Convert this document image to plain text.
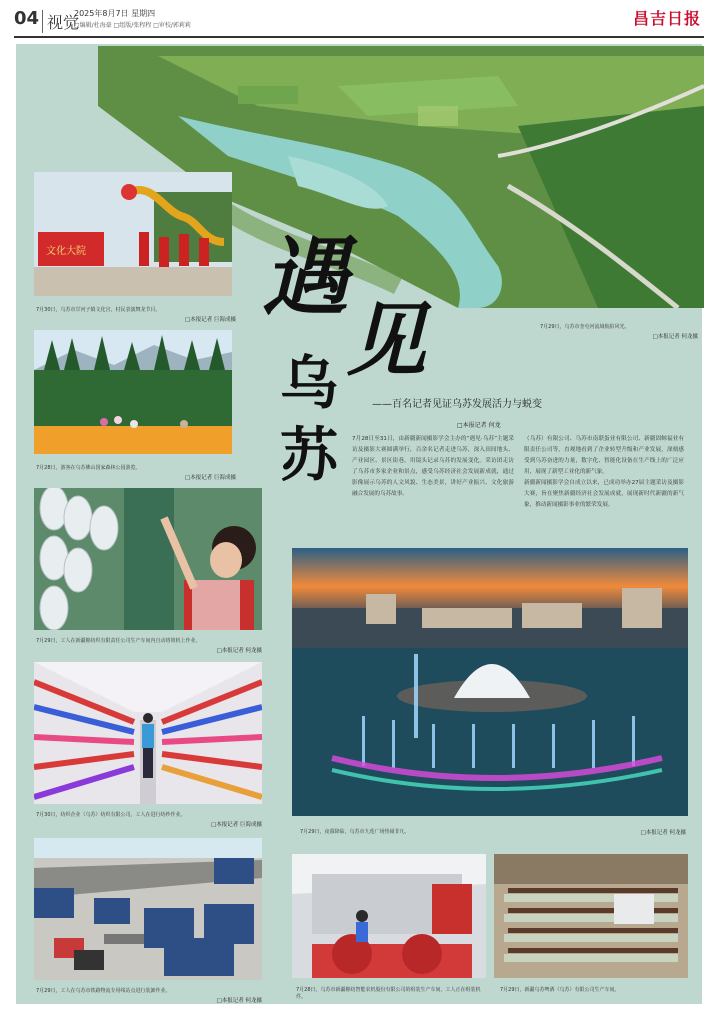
04 视觉
2025年8月7日 星期四
□编辑/杜海豪 □组版/张程程 □审校/郭莉莉	昌吉日报
文化大院
7月30日，乌苏市甘河子镇文化宫，村民表演舞龙节目。
□本报记者 巨海成摄
7月28日，游客在乌苏佛山国家森林公园游览。
□本报记者 巨海成摄
7月29日，工人在新疆棉纺织有限责任公司生产车间内自动络筒机上作业。
□本报记者 何龙摄
7月30日，纺织企业（乌苏）纺织有限公司，工人在进行纺纱作业。
□本报记者 巨海成摄
7月29日，工人在乌苏市铁路物流专用线站点进行装卸作业。
□本报记者 何龙摄
7月29日，乌苏市奎屯河流域航拍风光。
□本报记者 何龙摄
遇
见
乌
苏
——百名记者见证乌苏发展活力与蜕变
□本报记者 何龙
7月28日至31日，由新疆新闻摄影学会主办的“遇见·乌苏”主题采访及摄影大赛圆满举行，百余名记者走进乌苏，深入田间地头、产业园区、景区街巷，用镜头记录乌苏的发展变化。采访团走访了乌苏市多家企业和景点，感受乌苏经济社会发展新成就，通过影像展示乌苏的人文风貌、生态美景，讲好产业振兴、文化旅游融合发展的乌苏故事。
（乌苏）有限公司、乌苏市南联蛋业有限公司、新疆固鲸福业有限责任公司等，直观地看到了企业转型升级和产业发展，深刻感受到乌苏奋进的力量，数字化、智能化设备在生产线上的广泛应用，展现了新型工业化的新气象。
新疆新闻摄影学会自成立以来，已成功举办27届主题采访及摄影大赛，旨在聚焦新疆经济社会发展成就，展现新时代新疆的新气象，推动新闻摄影事业的繁荣发展。
7月29日，夜幕降临，乌苏市九莲广场热闹非凡。	□本报记者 何龙摄
7月28日，乌苏市新疆棉纺智能农机股份有限公司的组装生产车间，工人正在组装机件。
7月29日，新疆乌苏啤酒（乌苏）有限公司生产车间。
